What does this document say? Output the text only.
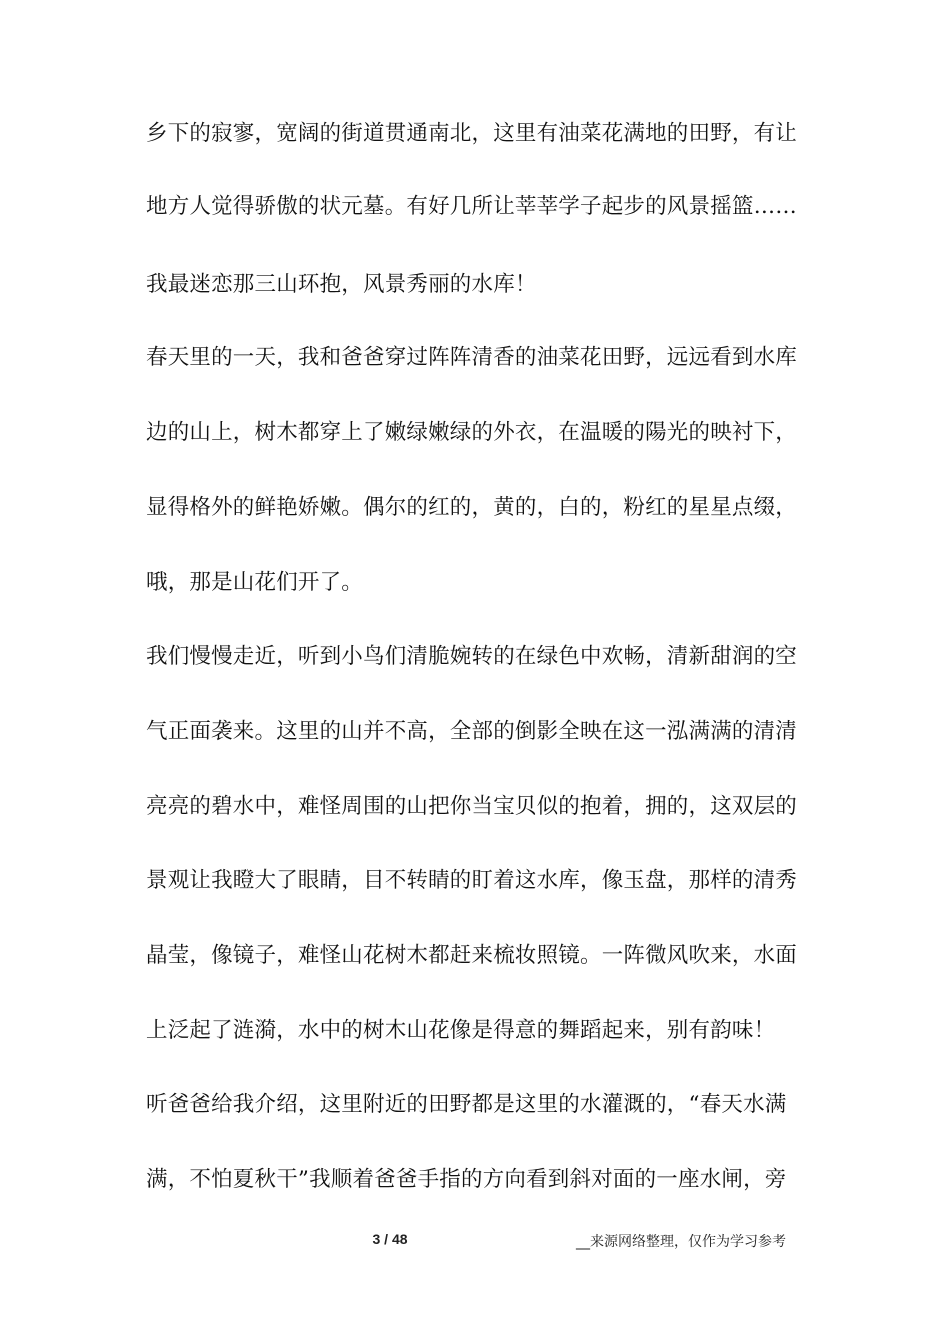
乡下的寂寥，宽阔的街道贯通南北，这里有油菜花满地的田野，有让
地方人觉得骄傲的状元墓。有好几所让莘莘学子起步的风景摇篮……
我最迷恋那三山环抱，风景秀丽的水库！
春天里的一天，我和爸爸穿过阵阵清香的油菜花田野，远远看到水库
边的山上，树木都穿上了嫩绿嫩绿的外衣，在温暖的陽光的映衬下，
显得格外的鲜艳娇嫩。偶尔的红的，黄的，白的，粉红的星星点缀，
哦，那是山花们开了。
我们慢慢走近，听到小鸟们清脆婉转的在绿色中欢畅，清新甜润的空
气正面袭来。这里的山并不高，全部的倒影全映在这一泓满满的清清
亮亮的碧水中，难怪周围的山把你当宝贝似的抱着，拥的，这双层的
景观让我瞪大了眼睛，目不转睛的盯着这水库，像玉盘，那样的清秀
晶莹，像镜子，难怪山花树木都赶来梳妆照镜。一阵微风吹来，水面
上泛起了涟漪，水中的树木山花像是得意的舞蹈起来，别有韵味！
听爸爸给我介绍，这里附近的田野都是这里的水灌溉的，“春天水满
满，不怕夏秋干”我顺着爸爸手指的方向看到斜对面的一座水闸，旁
3 / 48	__来源网络整理，仅作为学习参考
